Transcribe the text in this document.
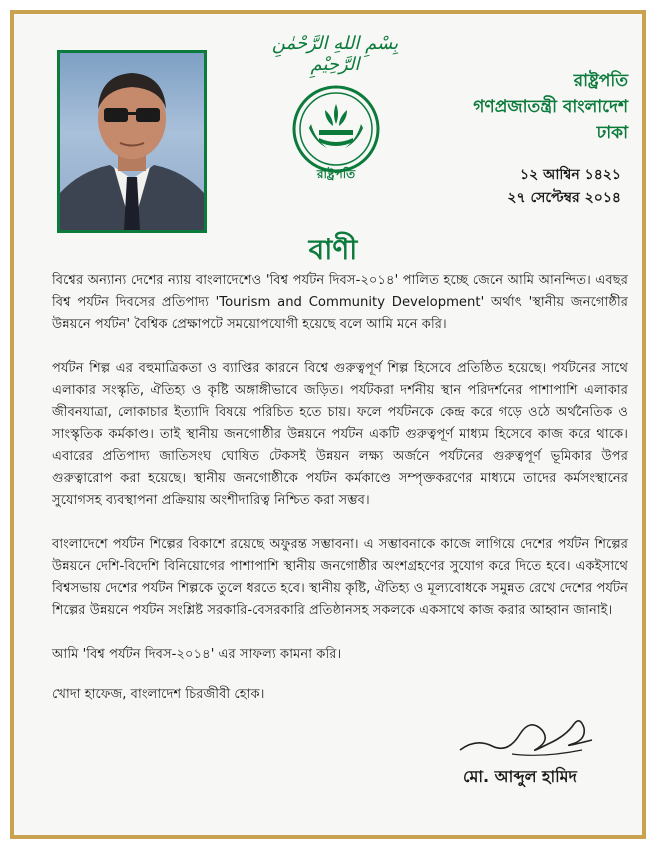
بِسْمِ اللهِ الرَّحْمٰنِ الرَّحِيْمِ
রাষ্ট্রপতি
রাষ্ট্রপতি
গণপ্রজাতন্ত্রী বাংলাদেশ
ঢাকা
১২ আশ্বিন ১৪২১
২৭ সেপ্টেম্বর ২০১৪
বাণী

বিশ্বের অন্যান্য দেশের ন্যায় বাংলাদেশেও 'বিশ্ব পর্যটন দিবস-২০১৪' পালিত হচ্ছে জেনে আমি আনন্দিত। এবছর বিশ্ব পর্যটন দিবসের প্রতিপাদ্য 'Tourism and Community Development' অর্থাৎ 'স্থানীয় জনগোষ্ঠীর উন্নয়নে পর্যটন' বৈশ্বিক প্রেক্ষাপটে সময়োপযোগী হয়েছে বলে আমি মনে করি।

পর্যটন শিল্প এর বহুমাত্রিকতা ও ব্যাপ্তির কারনে বিশ্বে গুরুত্বপূর্ণ শিল্প হিসেবে প্রতিষ্ঠিত হয়েছে। পর্যটনের সাথে এলাকার সংস্কৃতি, ঐতিহ্য ও কৃষ্টি অঙ্গাঙ্গীভাবে জড়িত। পর্যটকরা দর্শনীয় স্থান পরিদর্শনের পাশাপাশি এলাকার জীবনযাত্রা, লোকাচার ইত্যাদি বিষয়ে পরিচিত হতে চায়। ফলে পর্যটনকে কেন্দ্র করে গড়ে ওঠে অর্থনৈতিক ও সাংস্কৃতিক কর্মকাণ্ড। তাই স্থানীয় জনগোষ্ঠীর উন্নয়নে পর্যটন একটি গুরুত্বপূর্ণ মাধ্যম হিসেবে কাজ করে থাকে। এবারের প্রতিপাদ্য জাতিসংঘ ঘোষিত টেকসই উন্নয়ন লক্ষ্য অর্জনে পর্যটনের গুরুত্বপূর্ণ ভূমিকার উপর গুরুত্বারোপ করা হয়েছে। স্থানীয় জনগোষ্ঠীকে পর্যটন কর্মকাণ্ডে সম্পৃক্তকরণের মাধ্যমে তাদের কর্মসংস্থানের সুযোগসহ ব্যবস্থাপনা প্রক্রিয়ায় অংশীদারিত্ব নিশ্চিত করা সম্ভব।

বাংলাদেশে পর্যটন শিল্পের বিকাশে রয়েছে অফুরন্ত সম্ভাবনা। এ সম্ভাবনাকে কাজে লাগিয়ে দেশের পর্যটন শিল্পের উন্নয়নে দেশি-বিদেশি বিনিয়োগের পাশাপাশি স্থানীয় জনগোষ্ঠীর অংশগ্রহণের সুযোগ করে দিতে হবে। একইসাথে বিশ্বসভায় দেশের পর্যটন শিল্পকে তুলে ধরতে হবে। স্থানীয় কৃষ্টি, ঐতিহ্য ও মূল্যবোধকে সমুন্নত রেখে দেশের পর্যটন শিল্পের উন্নয়নে পর্যটন সংশ্লিষ্ট সরকারি-বেসরকারি প্রতিষ্ঠানসহ সকলকে একসাথে কাজ করার আহ্বান জানাই।

আমি 'বিশ্ব পর্যটন দিবস-২০১৪' এর সাফল্য কামনা করি।

খোদা হাফেজ, বাংলাদেশ চিরজীবী হোক।

মো. আব্দুল হামিদ
